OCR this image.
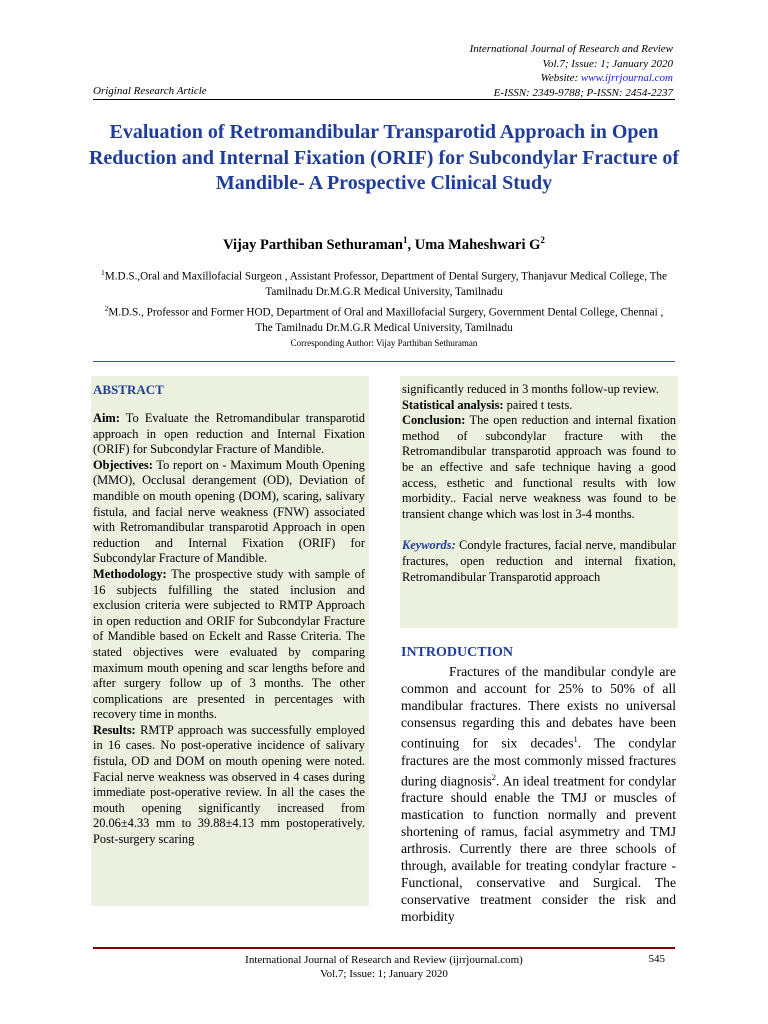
International Journal of Research and Review
Vol.7; Issue: 1; January 2020
Website: www.ijrrjournal.com
E-ISSN: 2349-9788; P-ISSN: 2454-2237
Original Research Article
Evaluation of Retromandibular Transparotid Approach in Open Reduction and Internal Fixation (ORIF) for Subcondylar Fracture of Mandible- A Prospective Clinical Study
Vijay Parthiban Sethuraman$^1$, Uma Maheshwari $G^2$
$^1$M.D.S.,Oral and Maxillofacial Surgeon , Assistant Professor, Department of Dental Surgery, Thanjavur Medical College, The Tamilnadu Dr.M.G.R Medical University, Tamilnadu
$^2$M.D.S., Professor and Former HOD, Department of Oral and Maxillofacial Surgery, Government Dental College, Chennai , The Tamilnadu Dr.M.G.R Medical University, Tamilnadu
Corresponding Author: Vijay Parthiban Sethuraman

ABSTRACT

Aim: To Evaluate the Retromandibular transparotid approach in open reduction and Internal Fixation (ORIF) for Subcondylar Fracture of Mandible.

Objectives: To report on - Maximum Mouth Opening (MMO), Occlusal derangement (OD), Deviation of mandible on mouth opening (DOM), scaring, salivary fistula, and facial nerve weakness (FNW) associated with Retromandibular transparotid Approach in open reduction and Internal Fixation (ORIF) for Subcondylar Fracture of Mandible.

Methodology: The prospective study with sample of 16 subjects fulfilling the stated inclusion and exclusion criteria were subjected to RMTP Approach in open reduction and ORIF for Subcondylar Fracture of Mandible based on Eckelt and Rasse Criteria. The stated objectives were evaluated by comparing maximum mouth opening and scar lengths before and after surgery follow up of 3 months. The other complications are presented in percentages with recovery time in months.

Results: RMTP approach was successfully employed in 16 cases. No post-operative incidence of salivary fistula, OD and DOM on mouth opening were noted. Facial nerve weakness was observed in 4 cases during immediate post-operative review. In all the cases the mouth opening significantly increased from 20.06±4.33 mm to 39.88±4.13 mm postoperatively. Post-surgery scaring

significantly reduced in 3 months follow-up review.

Statistical analysis: paired t tests.

Conclusion: The open reduction and internal fixation method of subcondylar fracture with the Retromandibular transparotid approach was found to be an effective and safe technique having a good access, esthetic and functional results with low morbidity.. Facial nerve weakness was found to be transient change which was lost in 3-4 months.

Keywords: Condyle fractures, facial nerve, mandibular fractures, open reduction and internal fixation, Retromandibular Transparotid approach

INTRODUCTION

Fractures of the mandibular condyle are common and account for 25% to 50% of all mandibular fractures. There exists no universal consensus regarding this and debates have been continuing for six decades$^1$. The condylar fractures are the most commonly missed fractures during diagnosis$^2$. An ideal treatment for condylar fracture should enable the TMJ or muscles of mastication to function normally and prevent shortening of ramus, facial asymmetry and TMJ arthrosis. Currently there are three schools of through, available for treating condylar fracture -Functional, conservative and Surgical. The conservative treatment consider the risk and morbidity

International Journal of Research and Review (ijrrjournal.com)
Vol.7; Issue: 1; January 2020
545
